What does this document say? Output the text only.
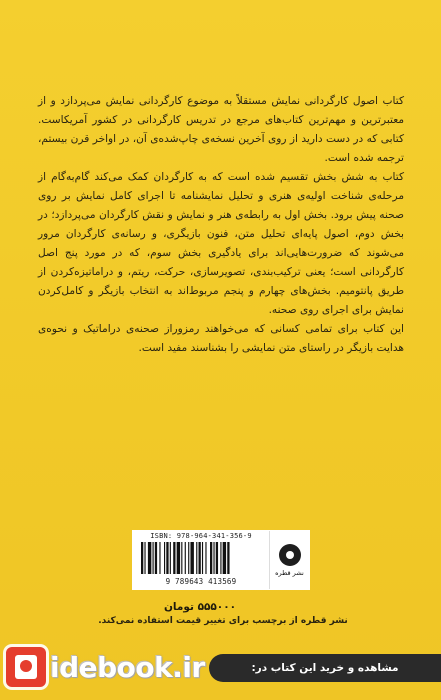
کتاب اصول کارگردانی نمایش مستقلاً به موضوع کارگردانی نمایش می‌پردازد و از معتبرترین و مهم‌ترین کتاب‌های مرجع در تدریس کارگردانی در کشور آمریکاست. کتابی که در دست دارید از روی آخرین نسخه‌ی چاپ‌شده‌ی آن، در اواخر قرن بیستم، ترجمه شده است.

کتاب به شش بخش تقسیم شده است که به کارگردان کمک می‌کند گام‌به‌گام از مرحله‌ی شناخت اولیه‌ی هنری و تحلیل نمایشنامه تا اجرای کامل نمایش بر روی صحنه پیش برود. بخش اول به رابطه‌ی هنر و نمایش و نقش کارگردان می‌پردازد؛ در بخش دوم، اصول پایه‌ای تحلیل متن، فنون بازیگری، و رسانه‌ی کارگردان مرور می‌شوند که ضرورت‌هایی‌اند برای یادگیری بخش سوم، که در مورد پنج اصل کارگردانی است؛ یعنی ترکیب‌بندی، تصویرسازی، حرکت، ریتم، و دراماتیزه‌کردن از طریق پانتومیم. بخش‌های چهارم و پنجم مربوط‌اند به انتخاب بازیگر و کامل‌کردن نمایش برای اجرای روی صحنه.

این کتاب برای تمامی کسانی که می‌خواهند رمزوراز صحنه‌ی دراماتیک و نحوه‌ی هدایت بازیگر در راستای متن نمایشی را بشناسند مفید است.

ISBN: 978-964-341-356-9
9 789643 413569
نشر قطره
۵۵۵۰۰۰ تومان
نشر قطره از برچسب برای تغییر قیمت استفاده نمی‌کند.
idebook.ir	مشاهده و خرید این کتاب در:
